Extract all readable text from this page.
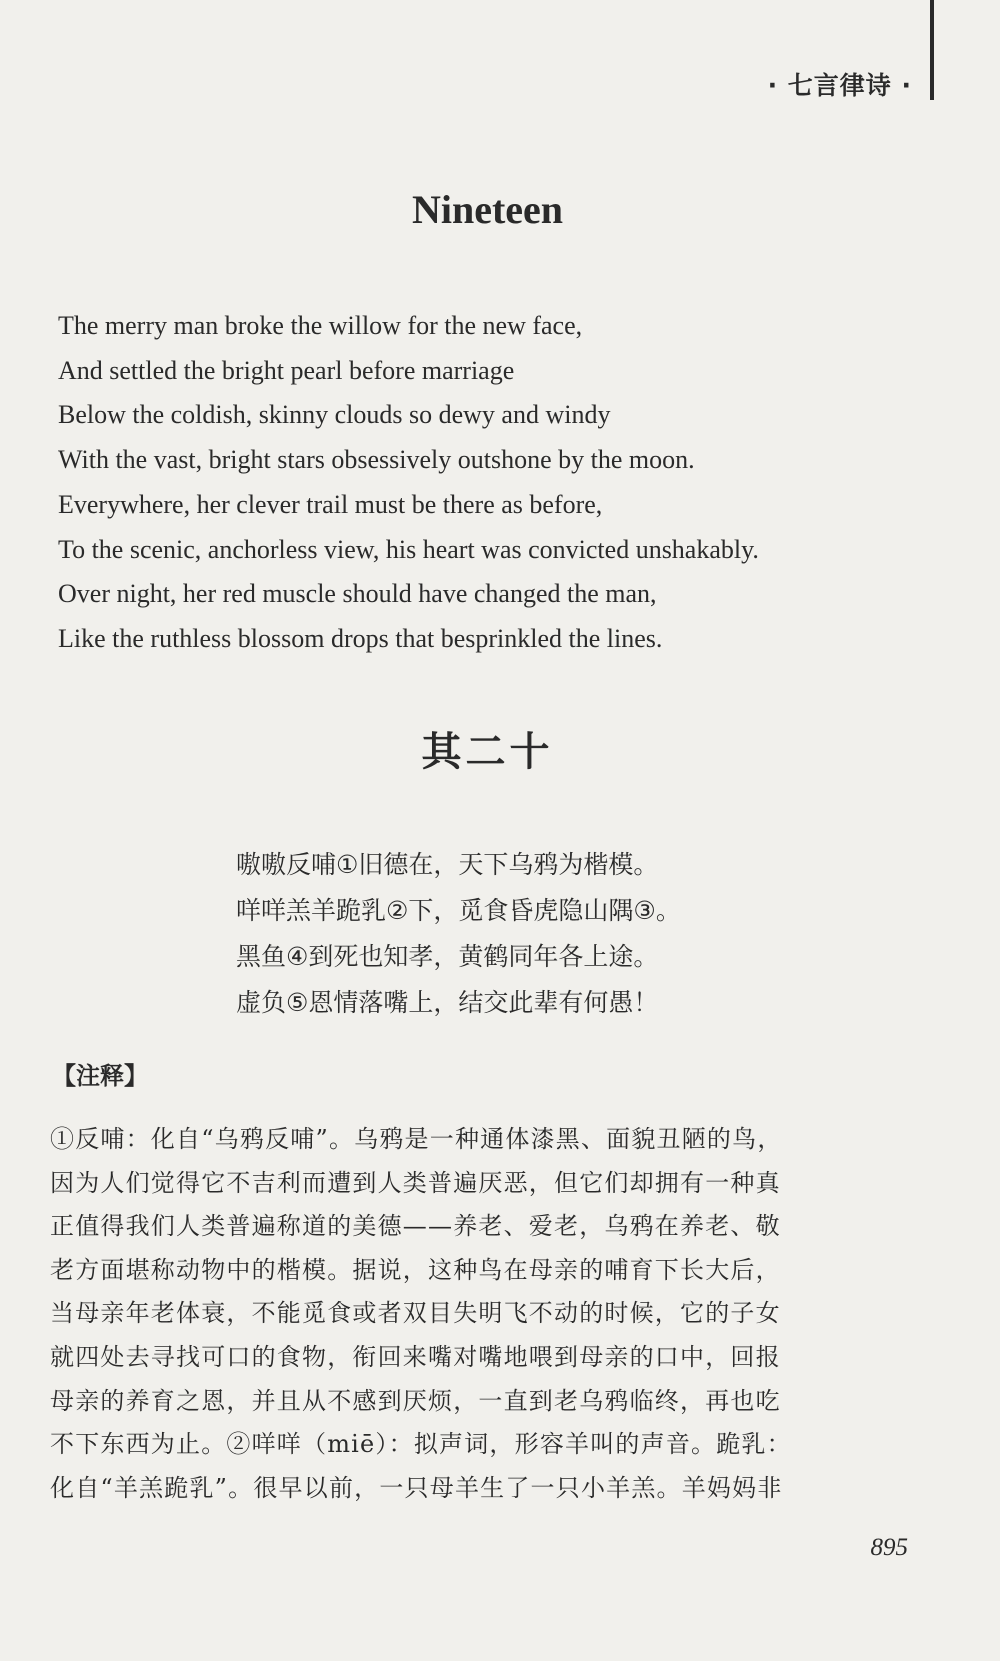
· 七言律诗 ·
Nineteen
The merry man broke the willow for the new face,
And settled the bright pearl before marriage
Below the coldish, skinny clouds so dewy and windy
With the vast, bright stars obsessively outshone by the moon.
Everywhere, her clever trail must be there as before,
To the scenic, anchorless view, his heart was convicted unshakably.
Over night, her red muscle should have changed the man,
Like the ruthless blossom drops that besprinkled the lines.
其二十
嗷嗷反哺①旧德在，天下乌鸦为楷模。
咩咩羔羊跪乳②下，觅食昏虎隐山隅③。
黑鱼④到死也知孝，黄鹤同年各上途。
虚负⑤恩情落嘴上，结交此辈有何愚！
【注释】
①反哺：化自“乌鸦反哺”。乌鸦是一种通体漆黑、面貌丑陋的鸟，
因为人们觉得它不吉利而遭到人类普遍厌恶，但它们却拥有一种真
正值得我们人类普遍称道的美德——养老、爱老，乌鸦在养老、敬
老方面堪称动物中的楷模。据说，这种鸟在母亲的哺育下长大后，
当母亲年老体衰，不能觅食或者双目失明飞不动的时候，它的子女
就四处去寻找可口的食物，衔回来嘴对嘴地喂到母亲的口中，回报
母亲的养育之恩，并且从不感到厌烦，一直到老乌鸦临终，再也吃
不下东西为止。②咩咩（miē）：拟声词，形容羊叫的声音。跪乳：
化自“羊羔跪乳”。很早以前，一只母羊生了一只小羊羔。羊妈妈非
895
